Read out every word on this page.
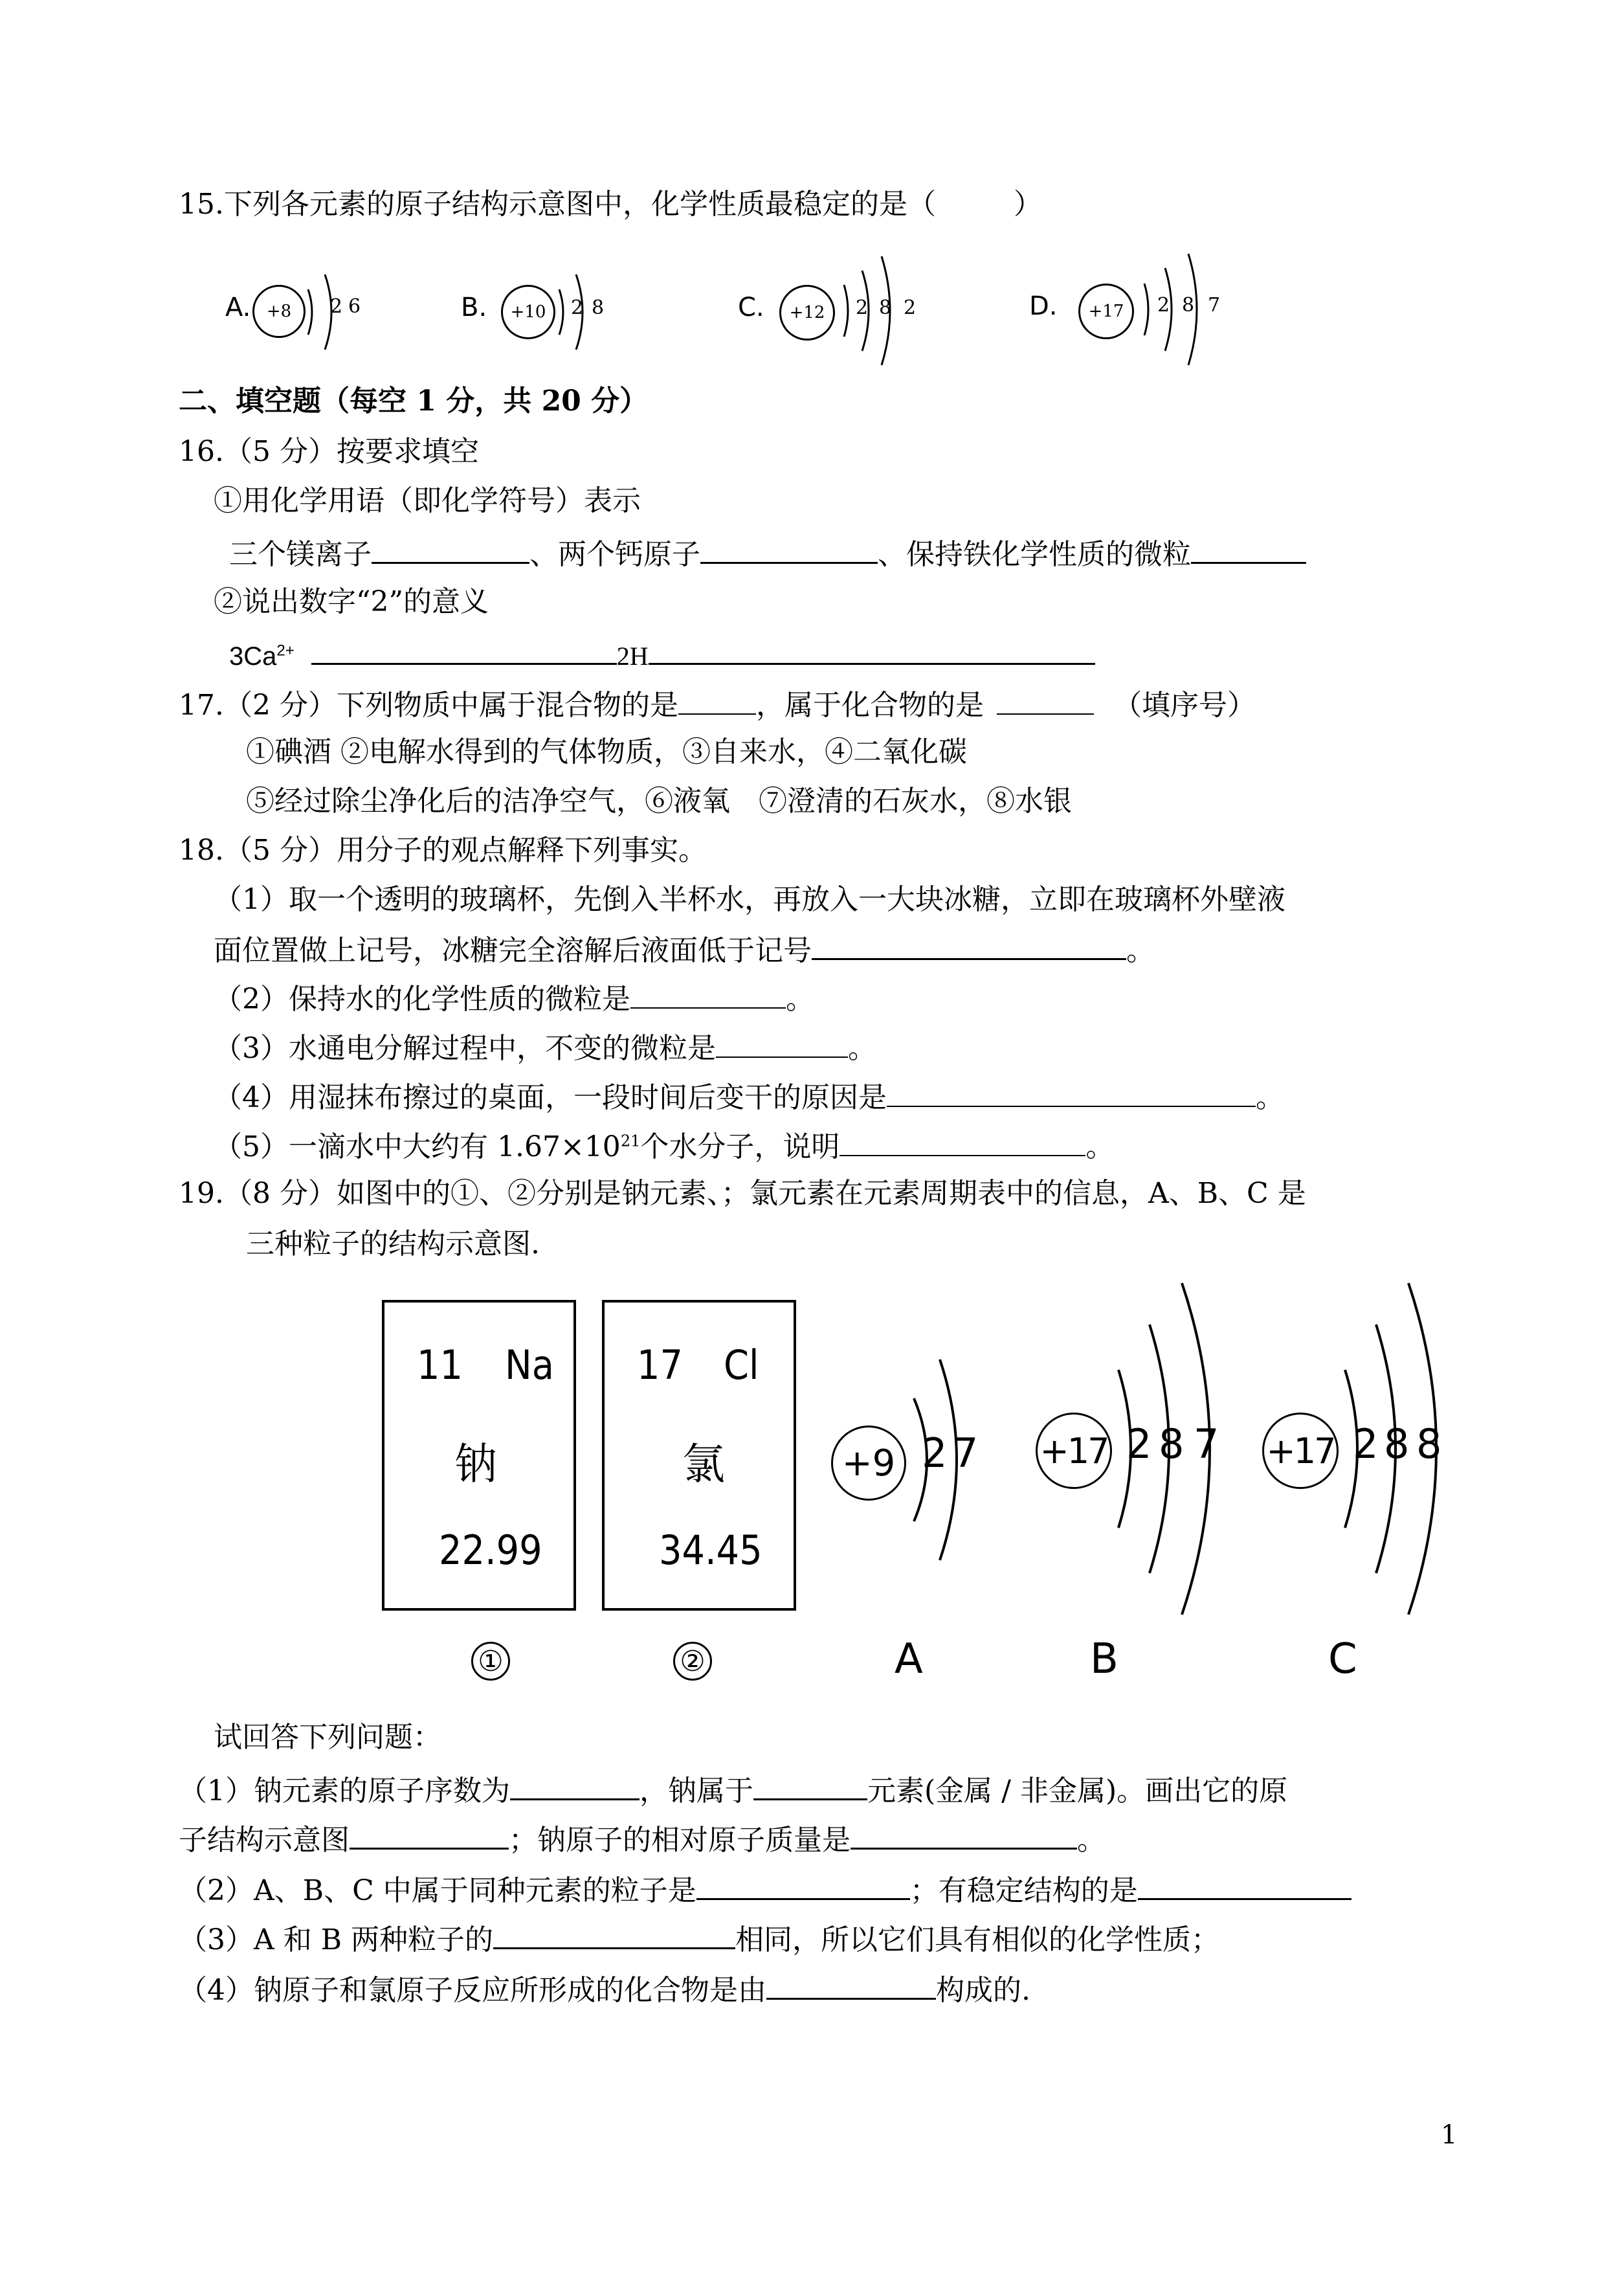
15.下列各元素的原子结构示意图中，化学性质最稳定的是（	）
A. +8 2 6	B. +10 2 8	C. +12 2 8 2	D. +17 2 8 7
二、填空题（每空 1 分，共 20 分）
16.（5 分）按要求填空
①用化学用语（即化学符号）表示
三个镁离子	、两个钙原子	、保持铁化学性质的微粒
②说出数字“2”的意义
$3Ca^{2+}$	2H
17.（2 分）下列物质中属于混合物的是	，属于化合物的是	（填序号）
①碘酒 ②电解水得到的气体物质，③自来水，④二氧化碳
⑤经过除尘净化后的洁净空气，⑥液氧　⑦澄清的石灰水，⑧水银
18.（5 分）用分子的观点解释下列事实。
（1）取一个透明的玻璃杯，先倒入半杯水，再放入一大块冰糖，立即在玻璃杯外壁液
面位置做上记号，冰糖完全溶解后液面低于记号	。
（2）保持水的化学性质的微粒是	。
（3）水通电分解过程中，不变的微粒是	。
（4）用湿抹布擦过的桌面，一段时间后变干的原因是	。
（5）一滴水中大约有 $1.67\times 10^{21}$个水分子，说明	。
19.（8 分）如图中的①、②分别是钠元素、；氯元素在元素周期表中的信息，A、B、C 是
三种粒子的结构示意图.
11 Na
钠
22.99
①
17 Cl
氯
34.45
②
+9 2 7
A
+17 2 8 7
B
+17 2 8 8
C
试回答下列问题：
（1）钠元素的原子序数为	，钠属于	元素(金属 / 非金属)。画出它的原
子结构示意图	；钠原子的相对原子质量是	。
（2）A、B、C 中属于同种元素的粒子是	；有稳定结构的是
（3）A 和 B 两种粒子的	相同，所以它们具有相似的化学性质；
（4）钠原子和氯原子反应所形成的化合物是由	构成的.
1
